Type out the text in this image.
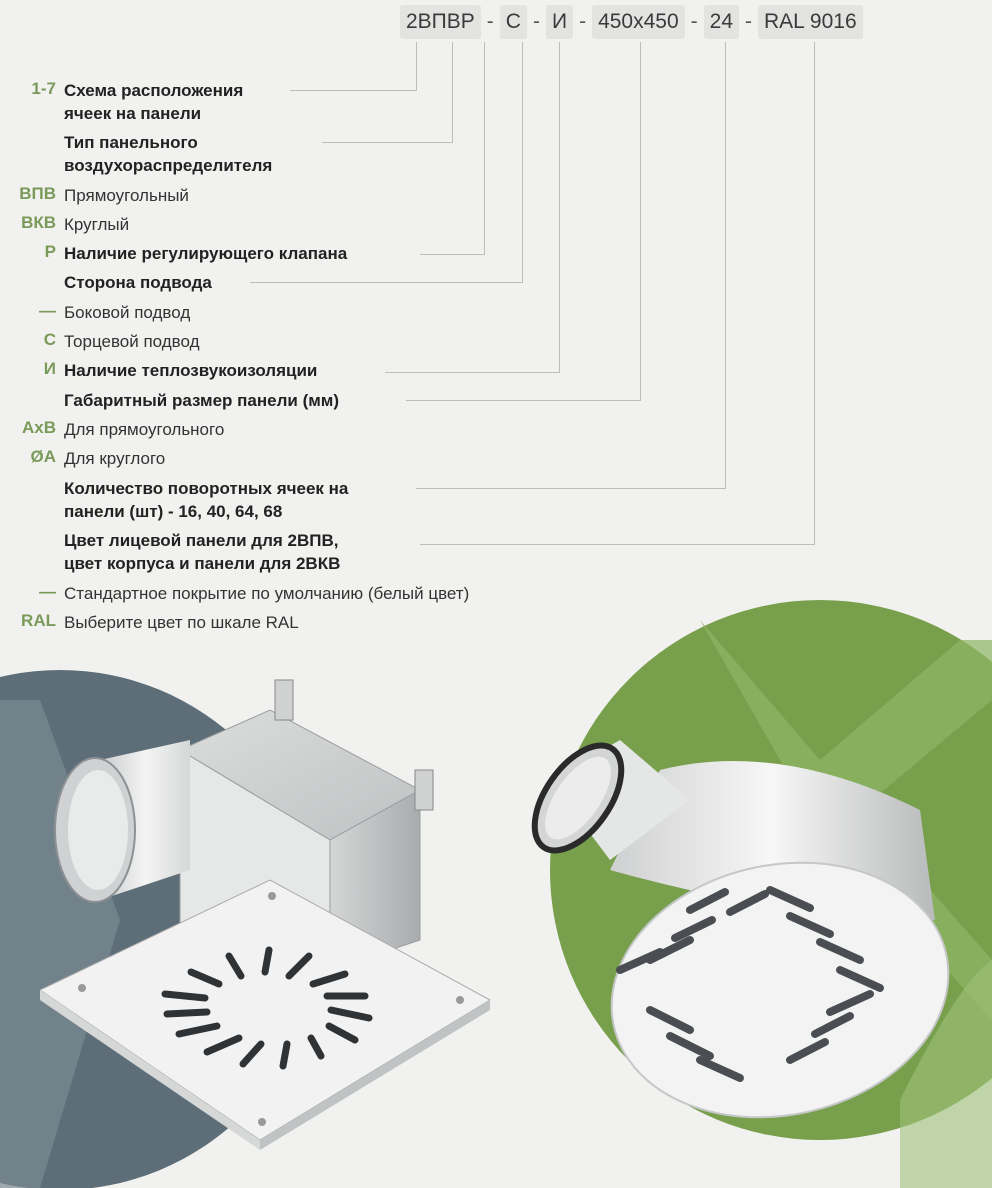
2ВПВР - С - И - 450х450 - 24 - RAL 9016
1-7 Схема расположения
ячеек на панели
Тип панельного
воздухораспределителя
ВПВ Прямоугольный
ВКВ Круглый
Р Наличие регулирующего клапана
Сторона подвода
— Боковой подвод
С Торцевой подвод
И Наличие теплозвукоизоляции
Габаритный размер панели (мм)
АхВ Для прямоугольного
ØА Для круглого
Количество поворотных ячеек на
панели (шт) - 16, 40, 64, 68
Цвет лицевой панели для 2ВПВ,
цвет корпуса и панели для 2ВКВ
— Стандартное покрытие по умолчанию (белый цвет)
RAL Выберите цвет по шкале RAL
